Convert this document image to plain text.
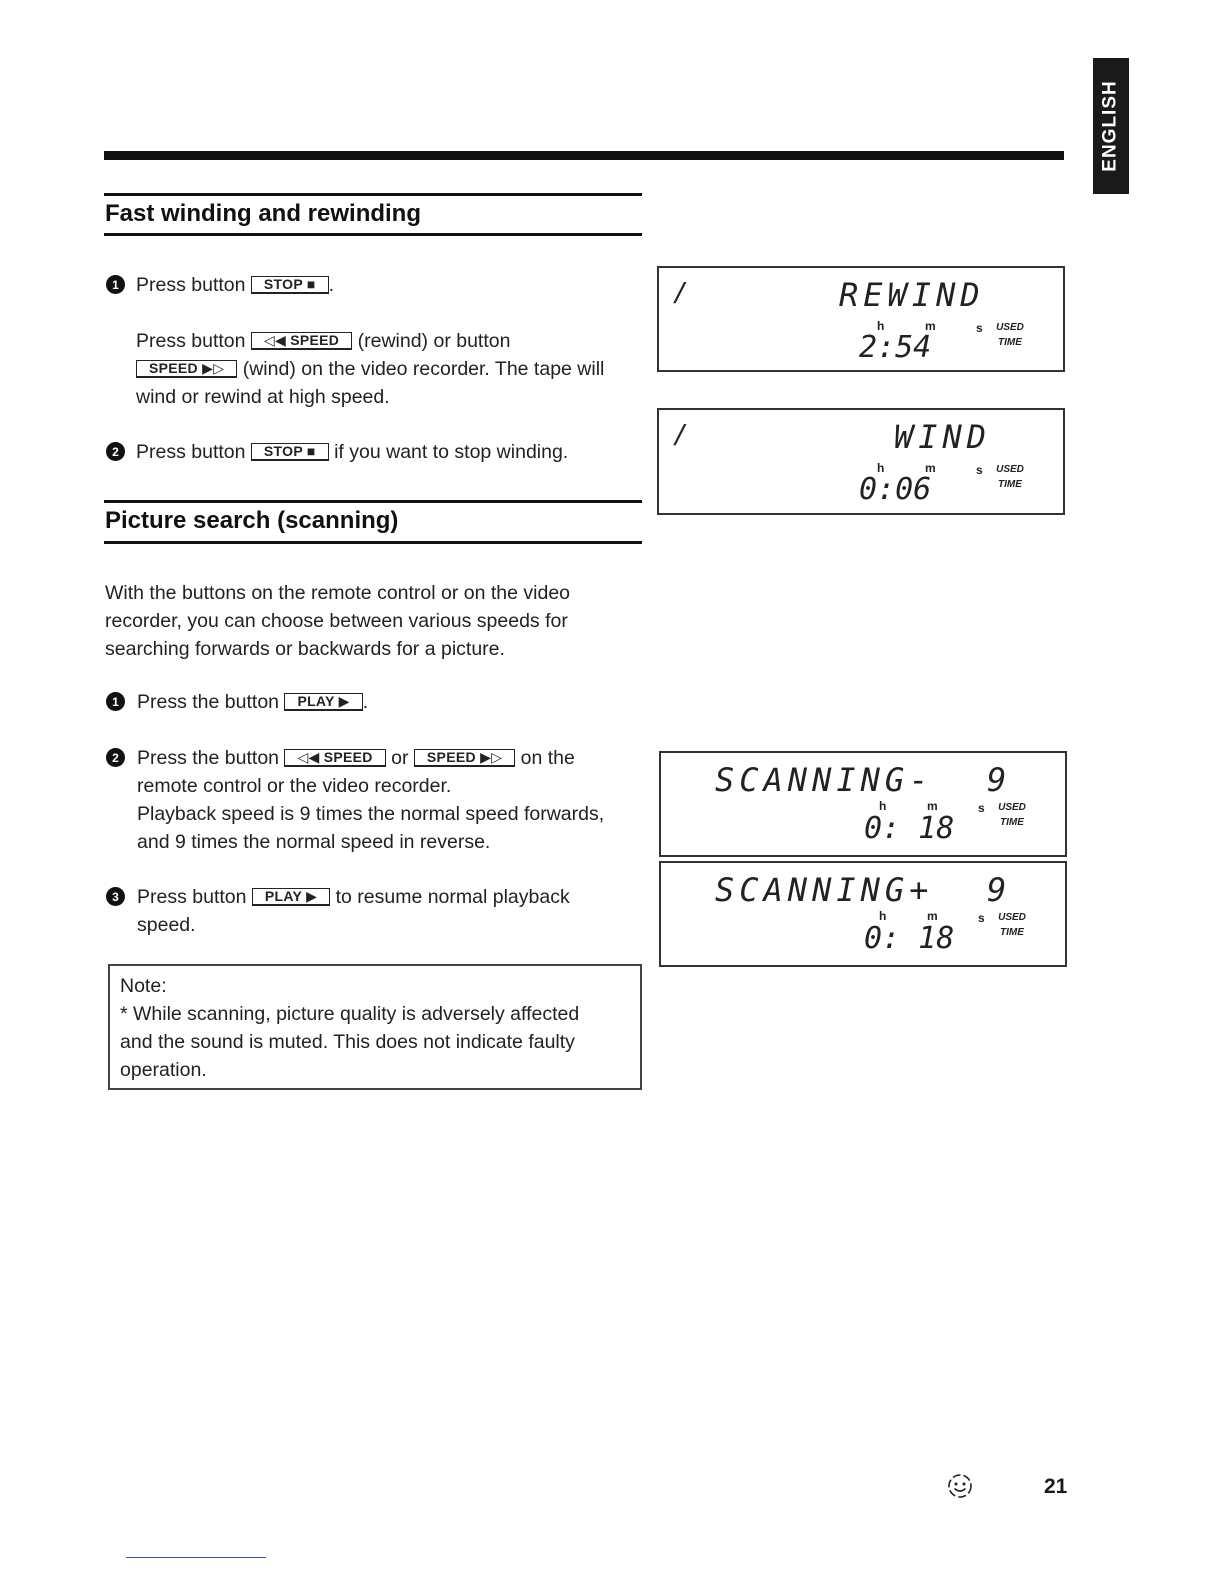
ENGLISH
Fast winding and rewinding
1 Press button STOP ■ .
Press button ◁◀ SPEED (rewind) or button
SPEED ▶▷ (wind) on the video recorder. The tape will
wind or rewind at high speed.
2 Press button STOP ■ if you want to stop winding.
Picture search (scanning)
With the buttons on the remote control or on the video
recorder, you can choose between various speeds for
searching forwards or backwards for a picture.
1 Press the button PLAY ▶ .
2 Press the button ◁◀ SPEED or SPEED ▶▷ on the
remote control or the video recorder.
Playback speed is 9 times the normal speed forwards,
and 9 times the normal speed in reverse.
3 Press button PLAY ▶ to resume normal playback
speed.
Note:
* While scanning, picture quality is adversely affected
and the sound is muted. This does not indicate faulty
operation.
/	REWIND
h	m	s
2:54
USED
TIME
/	WIND
h	m	s
0:06
USED
TIME
SCANNING- 9
h	m	s
0: 18
USED
TIME
SCANNING+ 9
h	m	s
0: 18
USED
TIME
21
